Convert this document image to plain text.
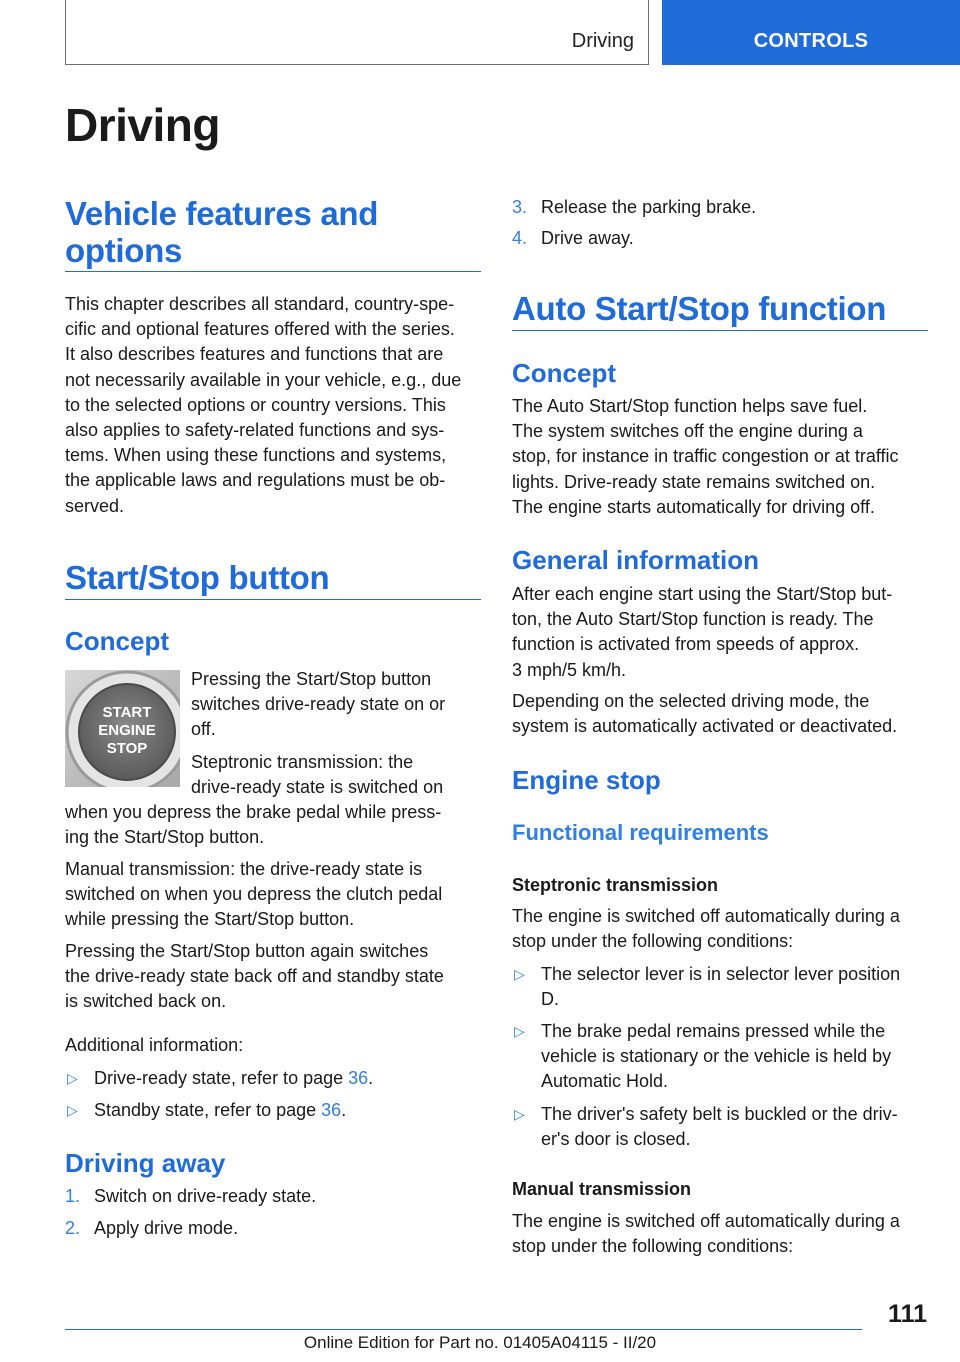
Driving	CONTROLS
Driving
Vehicle features and
options
This chapter describes all standard, country-spe-
cific and optional features offered with the series.
It also describes features and functions that are
not necessarily available in your vehicle, e.g., due
to the selected options or country versions. This
also applies to safety-related functions and sys-
tems. When using these functions and systems,
the applicable laws and regulations must be ob-
served.
Start/Stop button
Concept
START
ENGINE
STOP
Pressing the Start/Stop button
switches drive-ready state on or
off.
Steptronic transmission: the
drive-ready state is switched on
when you depress the brake pedal while press-
ing the Start/Stop button.
Manual transmission: the drive-ready state is
switched on when you depress the clutch pedal
while pressing the Start/Stop button.
Pressing the Start/Stop button again switches
the drive-ready state back off and standby state
is switched back on.
Additional information:
▷ Drive-ready state, refer to page 36.
▷ Standby state, refer to page 36.
Driving away
1. Switch on drive-ready state.
2. Apply drive mode.
3. Release the parking brake.
4. Drive away.
Auto Start/Stop function
Concept
The Auto Start/Stop function helps save fuel.
The system switches off the engine during a
stop, for instance in traffic congestion or at traffic
lights. Drive-ready state remains switched on.
The engine starts automatically for driving off.
General information
After each engine start using the Start/Stop but-
ton, the Auto Start/Stop function is ready. The
function is activated from speeds of approx.
3 mph/5 km/h.
Depending on the selected driving mode, the
system is automatically activated or deactivated.
Engine stop
Functional requirements
Steptronic transmission
The engine is switched off automatically during a
stop under the following conditions:
▷ The selector lever is in selector lever position
D.
▷ The brake pedal remains pressed while the
vehicle is stationary or the vehicle is held by
Automatic Hold.
▷ The driver's safety belt is buckled or the driv-
er's door is closed.
Manual transmission
The engine is switched off automatically during a
stop under the following conditions:
111
Online Edition for Part no. 01405A04115 - II/20
